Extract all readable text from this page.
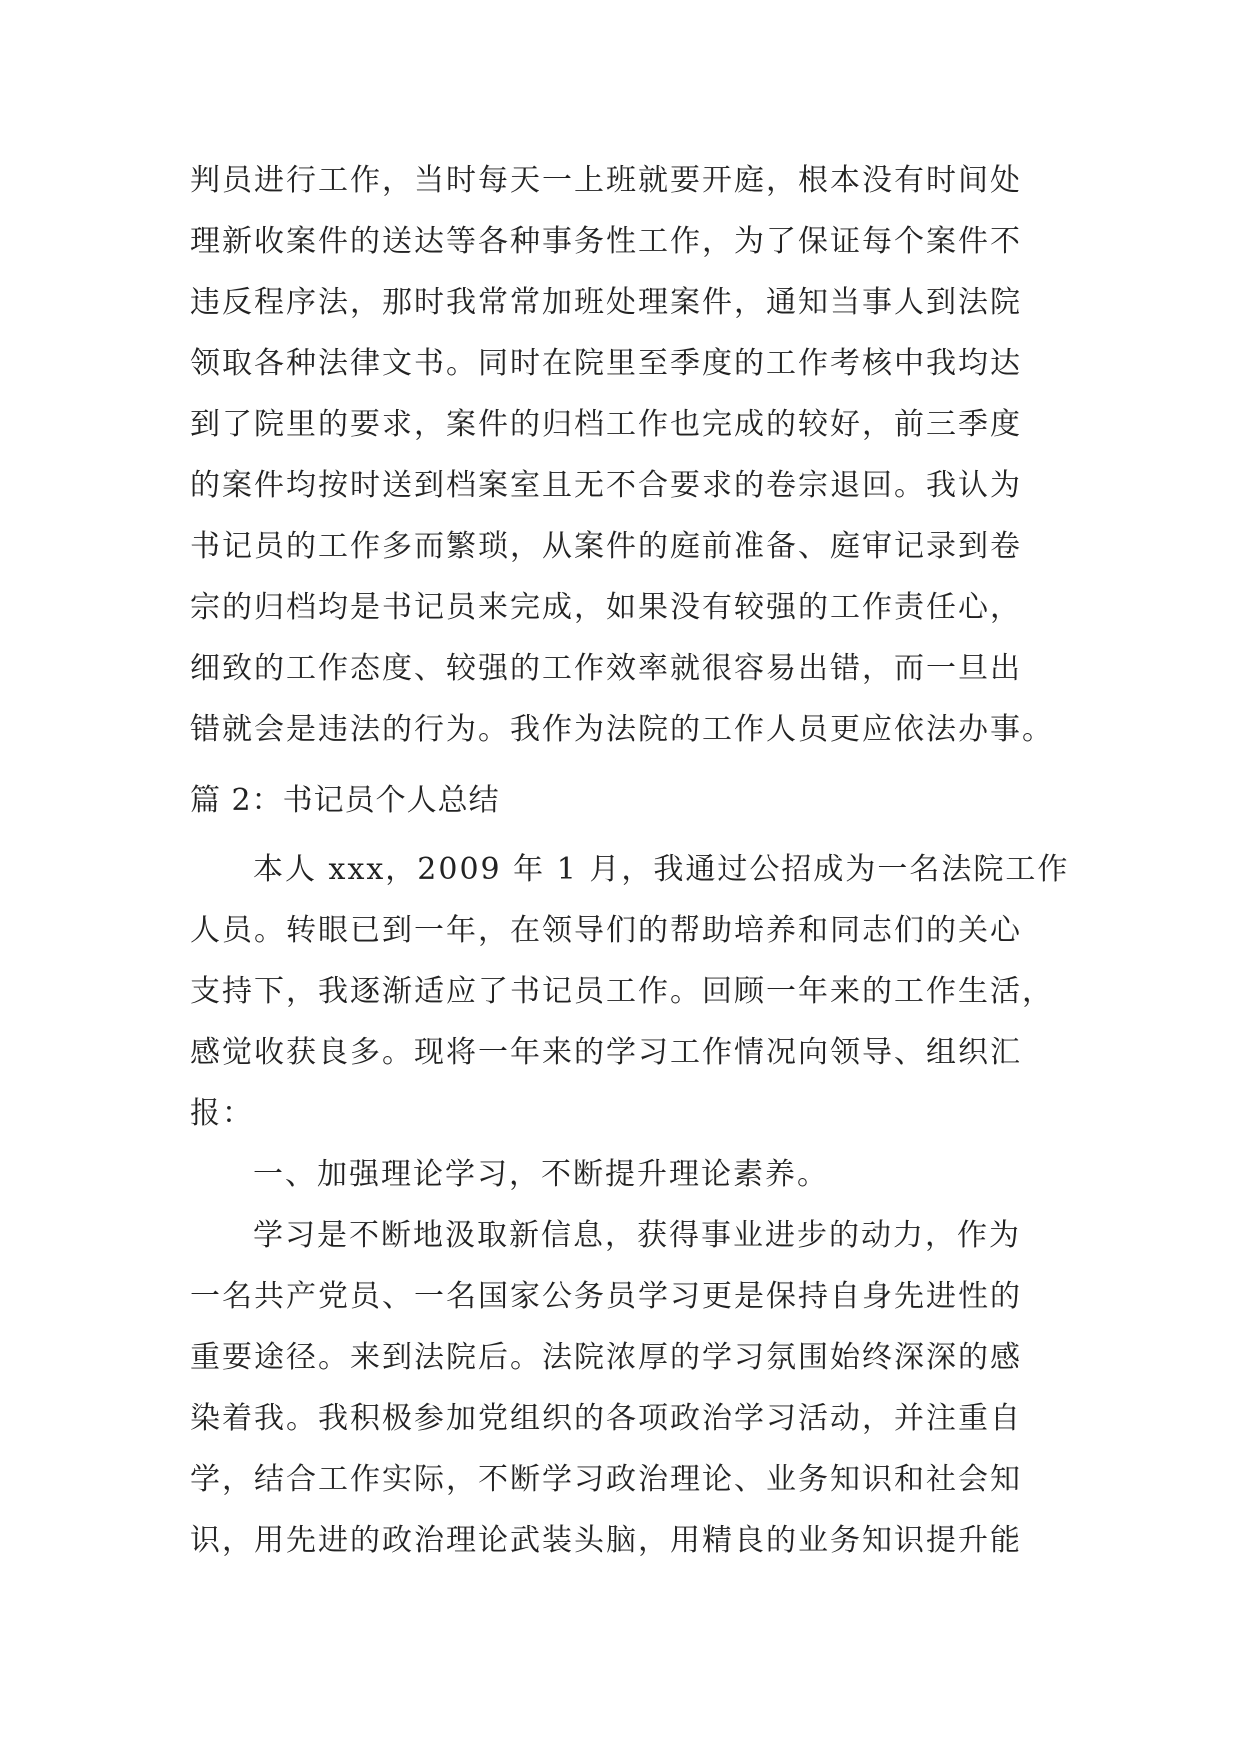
判员进行工作，当时每天一上班就要开庭，根本没有时间处
理新收案件的送达等各种事务性工作，为了保证每个案件不
违反程序法，那时我常常加班处理案件，通知当事人到法院
领取各种法律文书。同时在院里至季度的工作考核中我均达
到了院里的要求，案件的归档工作也完成的较好，前三季度
的案件均按时送到档案室且无不合要求的卷宗退回。我认为
书记员的工作多而繁琐，从案件的庭前准备、庭审记录到卷
宗的归档均是书记员来完成，如果没有较强的工作责任心，
细致的工作态度、较强的工作效率就很容易出错，而一旦出
错就会是违法的行为。我作为法院的工作人员更应依法办事。
篇 2：书记员个人总结
本人 xxx，2009 年 1 月，我通过公招成为一名法院工作
人员。转眼已到一年，在领导们的帮助培养和同志们的关心
支持下，我逐渐适应了书记员工作。回顾一年来的工作生活，
感觉收获良多。现将一年来的学习工作情况向领导、组织汇
报：
一、加强理论学习，不断提升理论素养。
学习是不断地汲取新信息，获得事业进步的动力，作为
一名共产党员、一名国家公务员学习更是保持自身先进性的
重要途径。来到法院后。法院浓厚的学习氛围始终深深的感
染着我。我积极参加党组织的各项政治学习活动，并注重自
学，结合工作实际，不断学习政治理论、业务知识和社会知
识，用先进的政治理论武装头脑，用精良的业务知识提升能
